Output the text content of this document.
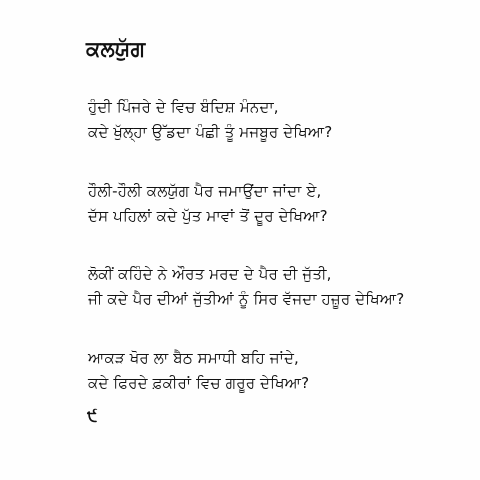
ਕਲਯੁੱਗ
ਹੁੰਦੀ ਪਿੰਜਰੇ ਦੇ ਵਿਚ ਬੰਦਿਸ਼ ਮੰਨਦਾ,
ਕਦੇ ਖੁੱਲ੍ਹਾ ਉੱਡਦਾ ਪੰਛੀ ਤੂੰ ਮਜਬੂਰ ਦੇਖਿਆ?
ਹੌਲੀ-ਹੌਲੀ ਕਲਯੁੱਗ ਪੈਰ ਜਮਾਉਂਦਾ ਜਾਂਦਾ ਏ,
ਦੱਸ ਪਹਿਲਾਂ ਕਦੇ ਪੁੱਤ ਮਾਵਾਂ ਤੋਂ ਦੂਰ ਦੇਖਿਆ?
ਲੋਕੀਂ ਕਹਿੰਦੇ ਨੇ ਔਰਤ ਮਰਦ ਦੇ ਪੈਰ ਦੀ ਜੁੱਤੀ,
ਜੀ ਕਦੇ ਪੈਰ ਦੀਆਂ ਜੁੱਤੀਆਂ ਨੂੰ ਸਿਰ ਵੱਜਦਾ ਹਜ਼ੂਰ ਦੇਖਿਆ?
ਆਕੜ ਖੋਰ ਲਾ ਬੈਠ ਸਮਾਧੀ ਬਹਿ ਜਾਂਦੇ,
ਕਦੇ ਫਿਰਦੇ ਫ਼ਕੀਰਾਂ ਵਿਚ ਗਰੂਰ ਦੇਖਿਆ?
੯
